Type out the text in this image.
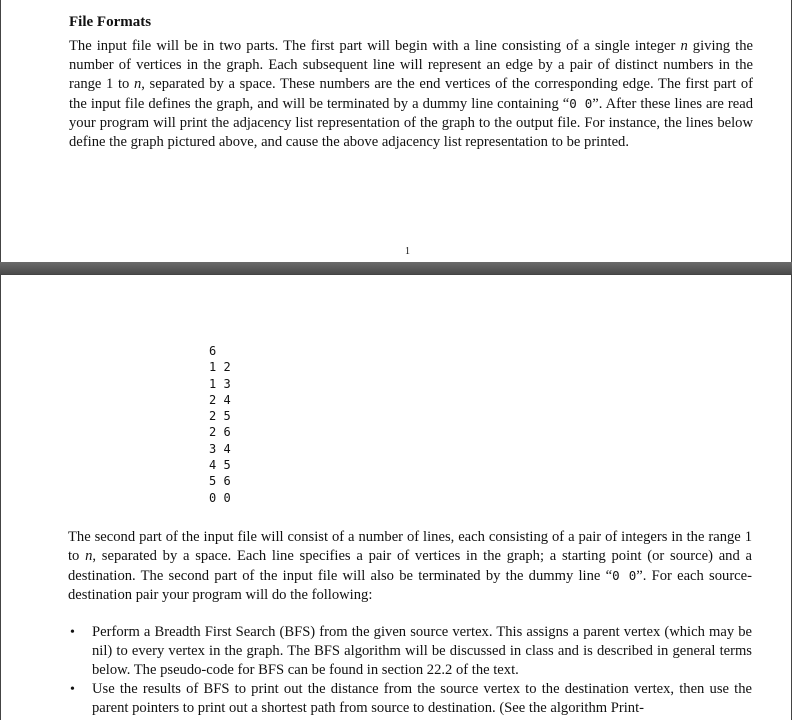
File Formats

The input file will be in two parts. The first part will begin with a line consisting of a single integer n giving the number of vertices in the graph. Each subsequent line will represent an edge by a pair of distinct numbers in the range 1 to n, separated by a space. These numbers are the end vertices of the corresponding edge. The first part of the input file defines the graph, and will be terminated by a dummy line containing “0 0”. After these lines are read your program will print the adjacency list representation of the graph to the output file. For instance, the lines below define the graph pictured above, and cause the above adjacency list representation to be printed.

1
6
1 2
1 3
2 4
2 5
2 6
3 4
4 5
5 6
0 0

The second part of the input file will consist of a number of lines, each consisting of a pair of integers in the range 1 to n, separated by a space. Each line specifies a pair of vertices in the graph; a starting point (or source) and a destination. The second part of the input file will also be terminated by the dummy line “0 0”. For each source-destination pair your program will do the following:

• Perform a Breadth First Search (BFS) from the given source vertex. This assigns a parent vertex (which may be nil) to every vertex in the graph. The BFS algorithm will be discussed in class and is described in general terms below. The pseudo-code for BFS can be found in section 22.2 of the text.
• Use the results of BFS to print out the distance from the source vertex to the destination vertex, then use the parent pointers to print out a shortest path from source to destination. (See the algorithm Print-
